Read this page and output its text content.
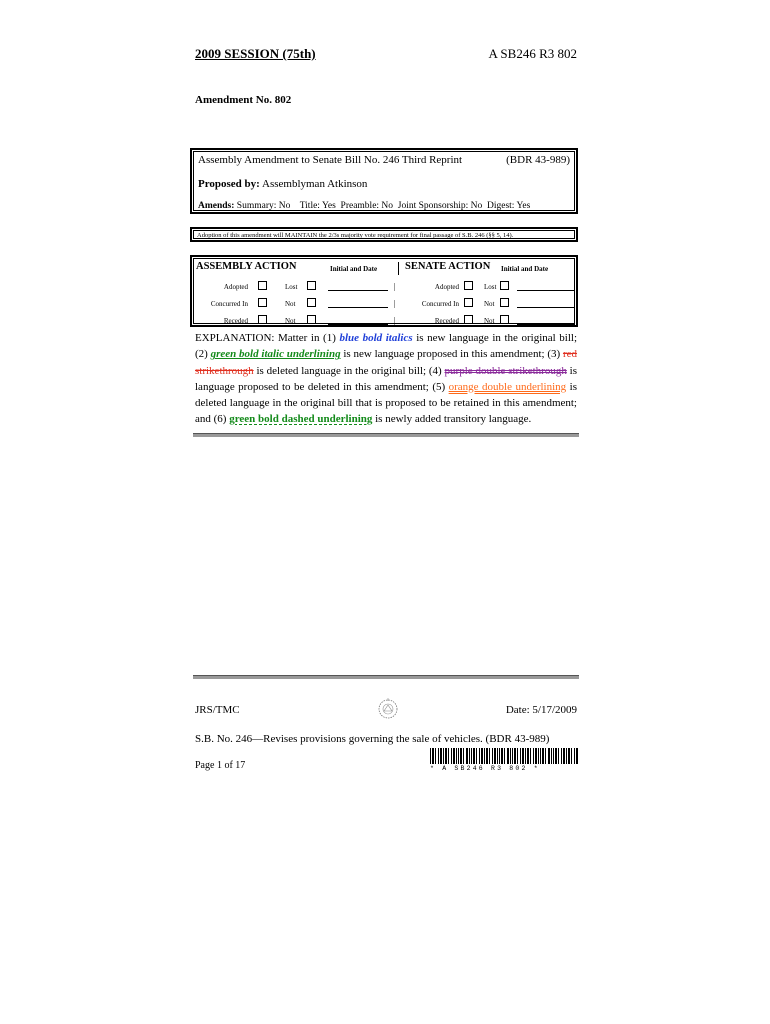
2009 SESSION (75th)	A SB246 R3 802
Amendment No. 802
Assembly Amendment to Senate Bill No. 246 Third Reprint	(BDR 43-989)
Proposed by: Assemblyman Atkinson
Amends: Summary: No    Title: Yes  Preamble: No  Joint Sponsorship: No  Digest: Yes
Adoption of this amendment will MAINTAIN the 2/3s majority vote requirement for final passage of S.B. 246 (§§ 5, 14).
ASSEMBLY ACTION	Initial and Date	SENATE ACTION Initial and Date
Adopted	Lost	|	Adopted	Lost
Concurred In	Not	|	Concurred In	Not
Receded	Not	|	Receded	Not
EXPLANATION: Matter in (1) blue bold italics is new language in the original bill; (2) green bold italic underlining is new language proposed in this amendment; (3) red strikethrough is deleted language in the original bill; (4) purple double strikethrough is language proposed to be deleted in this amendment; (5) orange double underlining is deleted language in the original bill that is proposed to be retained in this amendment; and (6) green bold dashed underlining is newly added transitory language.
JRS/TMC	Date: 5/17/2009
S.B. No. 246—Revises provisions governing the sale of vehicles. (BDR 43-989)
Page 1 of 17	* A SB246 R3 802 *
